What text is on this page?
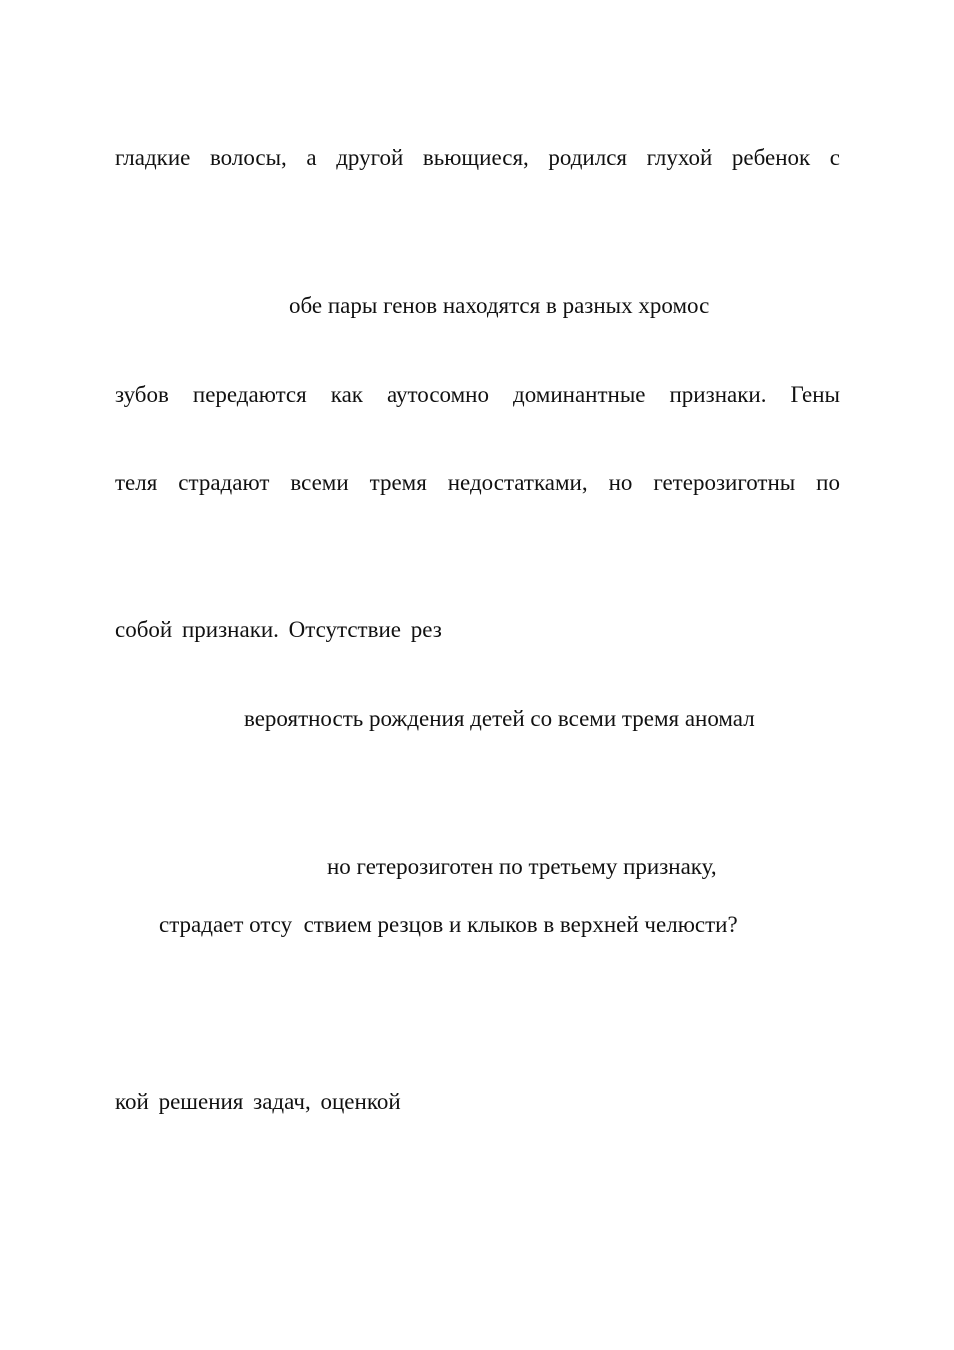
гладкие волосы, а другой вьющиеся, родился глухой ребенок с
обе пары генов находятся в разных хромос
зубов передаются как аутосомно доминантные признаки. Гены
теля страдают всеми тремя недостатками, но гетерозиготны по
собой признаки. Отсутствие рез
вероятность рождения детей со всеми тремя аномал
но гетерозиготен по третьему признаку,
страдает отсу  ствием резцов и клыков в верхней челюсти?
кой решения задач, оценкой
